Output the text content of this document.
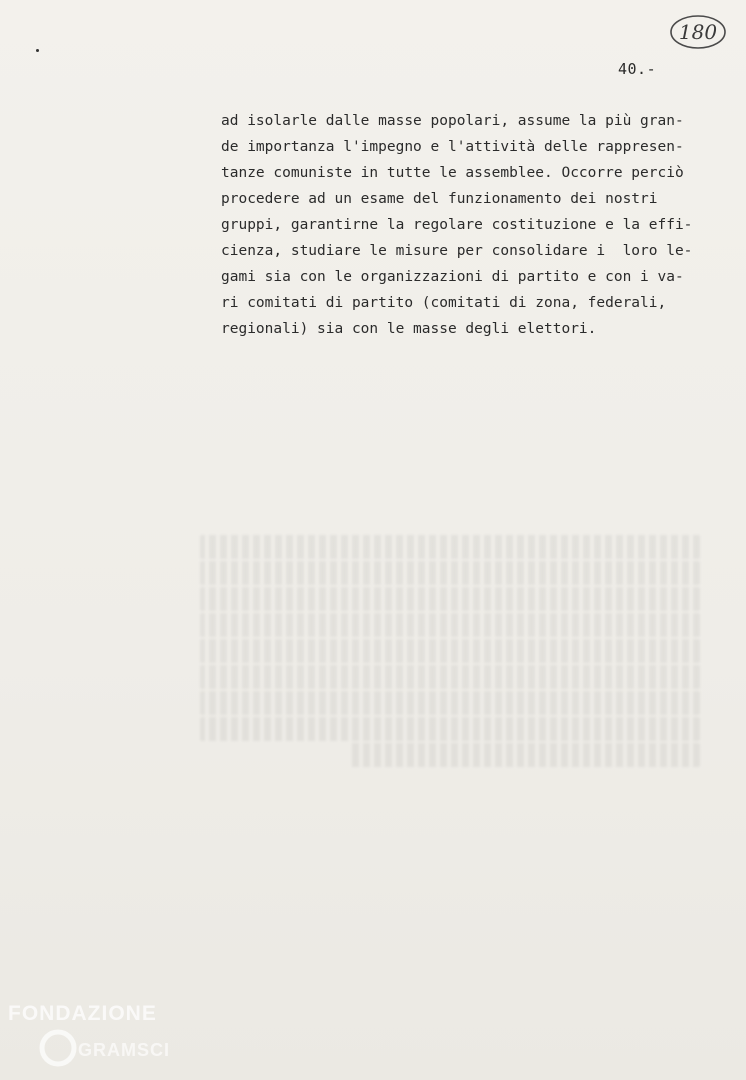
180
40.-
ad isolarle dalle masse popolari, assume la più gran-
de importanza l'impegno e l'attività delle rappresen-
tanze comuniste in tutte le assemblee. Occorre perciò
procedere ad un esame del funzionamento dei nostri
gruppi, garantirne la regolare costituzione e la effi-
cienza, studiare le misure per consolidare i  loro le-
gami sia con le organizzazioni di partito e con i va-
ri comitati di partito (comitati di zona, federali,
regionali) sia con le masse degli elettori.
FONDAZIONE
GRAMSCI
